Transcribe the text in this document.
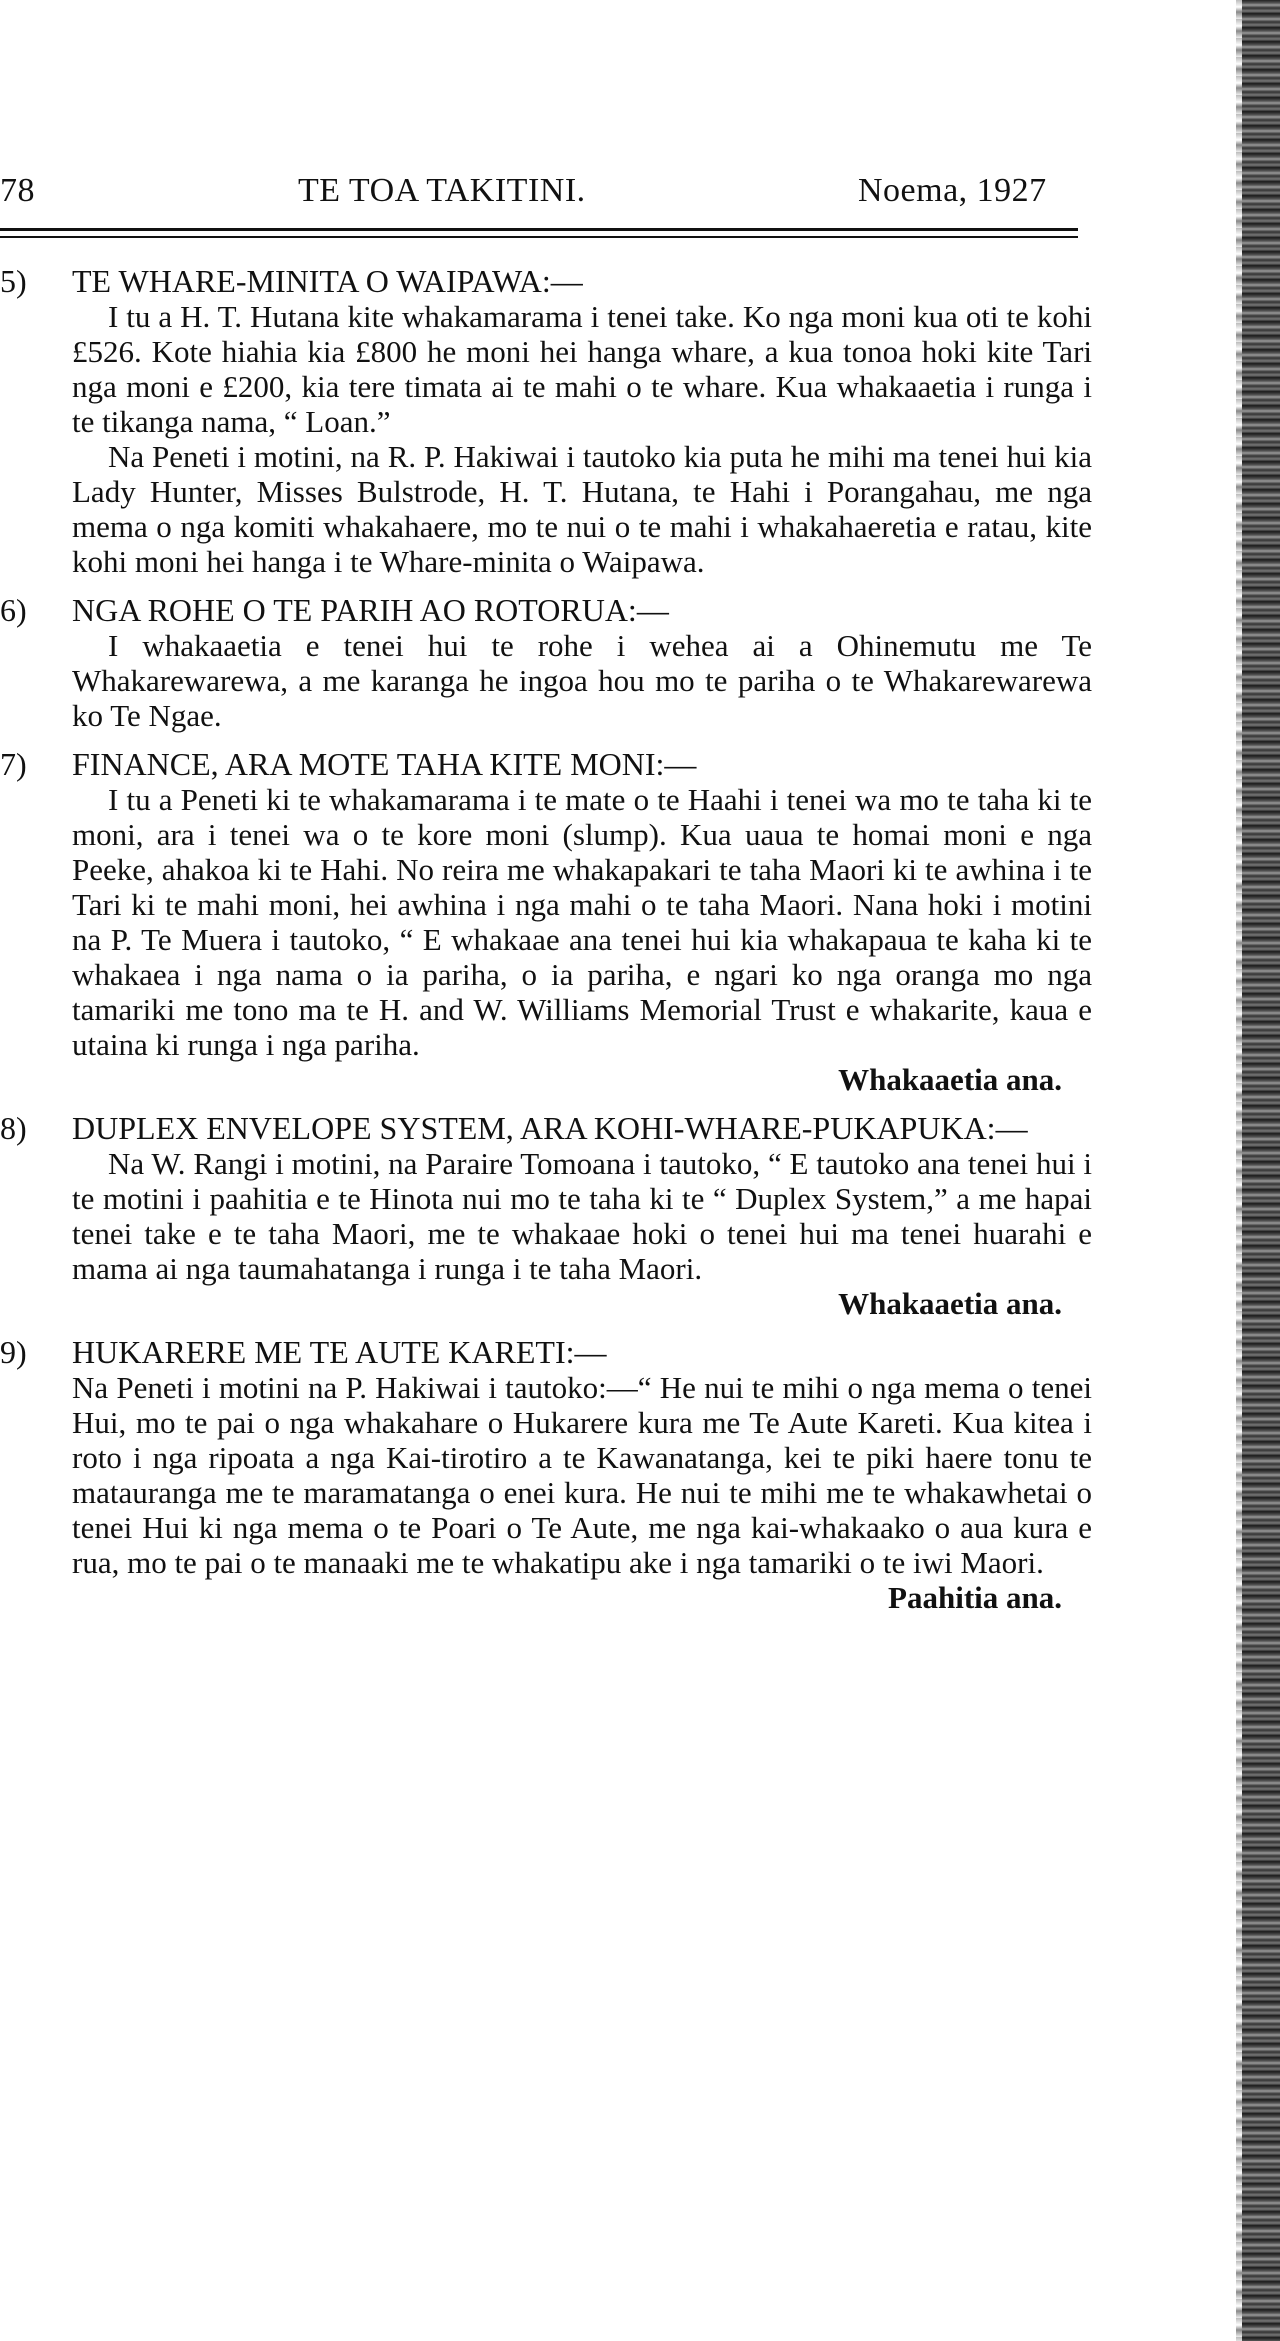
78	TE TOA TAKITINI.	Noema, 1927
5) TE WHARE-MINITA O WAIPAWA:—

I tu a H. T. Hutana kite whakamarama i tenei take. Ko nga moni kua oti te kohi £526. Kote hiahia kia £800 he moni hei hanga whare, a kua tonoa hoki kite Tari nga moni e £200, kia tere timata ai te mahi o te whare. Kua whakaaetia i runga i te tikanga nama, “ Loan.”

Na Peneti i motini, na R. P. Hakiwai i tautoko kia puta he mihi ma tenei hui kia Lady Hunter, Misses Bulstrode, H. T. Hutana, te Hahi i Porangahau, me nga mema o nga komiti whakahaere, mo te nui o te mahi i whakahaeretia e ratau, kite kohi moni hei hanga i te Whare-minita o Waipawa.

6) NGA ROHE O TE PARIH AO ROTORUA:—

I whakaaetia e tenei hui te rohe i wehea ai a Ohinemutu me Te Whakarewarewa, a me karanga he ingoa hou mo te pariha o te Whakarewarewa ko Te Ngae.

7) FINANCE, ARA MOTE TAHA KITE MONI:—

I tu a Peneti ki te whakamarama i te mate o te Haahi i tenei wa mo te taha ki te moni, ara i tenei wa o te kore moni (slump). Kua uaua te homai moni e nga Peeke, ahakoa ki te Hahi. No reira me whakapakari te taha Maori ki te awhina i te Tari ki te mahi moni, hei awhina i nga mahi o te taha Maori. Nana hoki i motini na P. Te Muera i tautoko, “ E whakaae ana tenei hui kia whakapaua te kaha ki te whakaea i nga nama o ia pariha, o ia pariha, e ngari ko nga oranga mo nga tamariki me tono ma te H. and W. Williams Memorial Trust e whakarite, kaua e utaina ki runga i nga pariha.

Whakaaetia ana.
8) DUPLEX ENVELOPE SYSTEM, ARA KOHI-WHARE-PUKAPUKA:—

Na W. Rangi i motini, na Paraire Tomoana i tautoko, “ E tautoko ana tenei hui i te motini i paahitia e te Hinota nui mo te taha ki te “ Duplex System,” a me hapai tenei take e te taha Maori, me te whakaae hoki o tenei hui ma tenei huarahi e mama ai nga taumahatanga i runga i te taha Maori.

Whakaaetia ana.
9) HUKARERE ME TE AUTE KARETI:—

Na Peneti i motini na P. Hakiwai i tautoko:—“ He nui te mihi o nga mema o tenei Hui, mo te pai o nga whakahare o Hukarere kura me Te Aute Kareti. Kua kitea i roto i nga ripoata a nga Kai-tirotiro a te Kawanatanga, kei te piki haere tonu te matauranga me te maramatanga o enei kura. He nui te mihi me te whakawhetai o tenei Hui ki nga mema o te Poari o Te Aute, me nga kai-whakaako o aua kura e rua, mo te pai o te manaaki me te whakatipu ake i nga tamariki o te iwi Maori.

Paahitia ana.
